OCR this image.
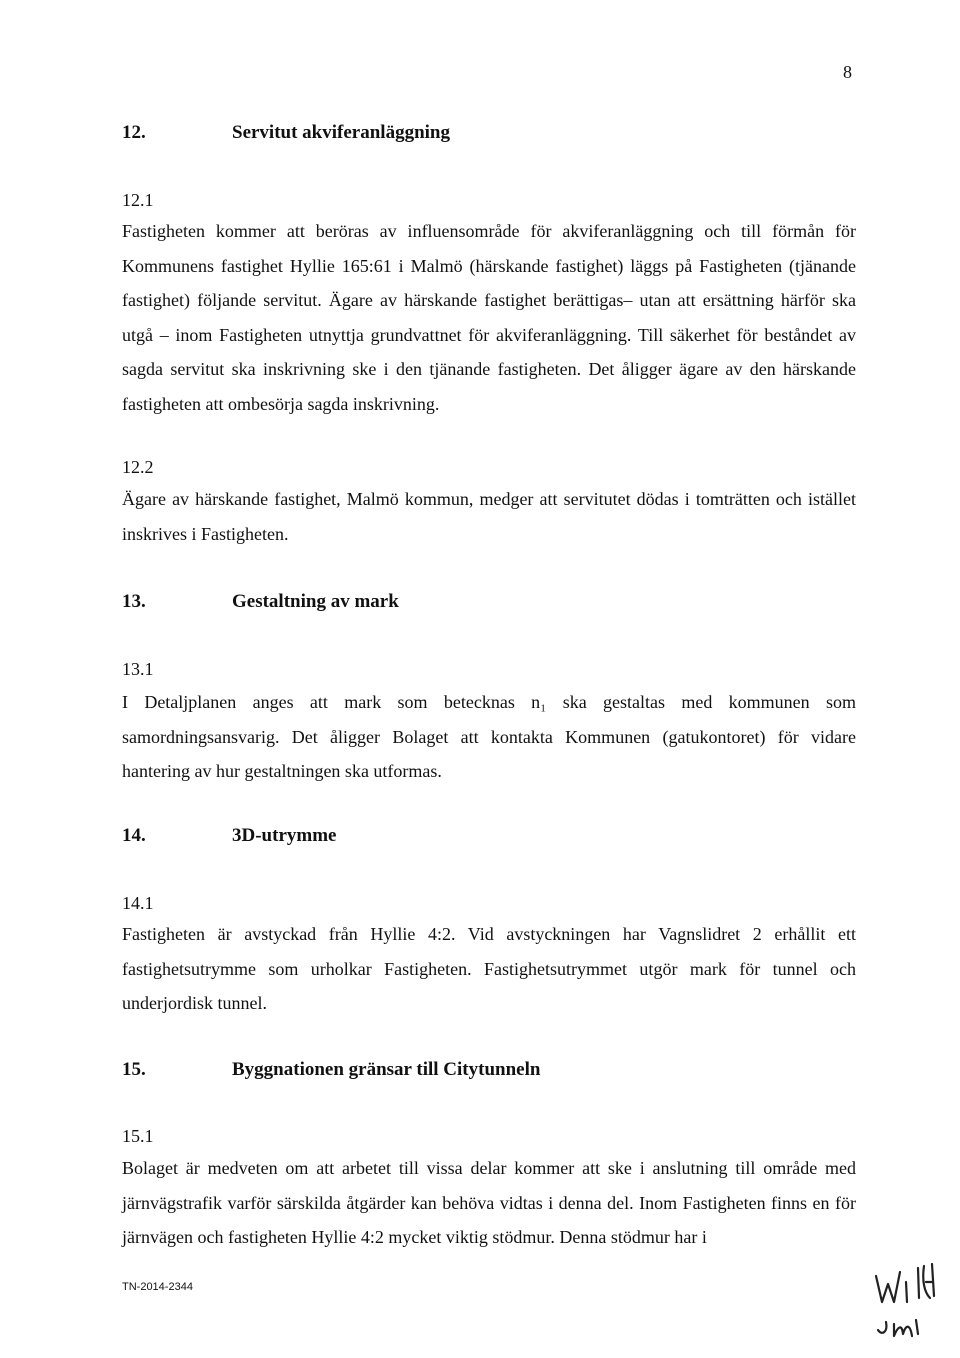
8
12.	Servitut akviferanläggning
12.1
Fastigheten kommer att beröras av influensområde för akviferanläggning och till förmån för Kommunens fastighet Hyllie 165:61 i Malmö (härskande fastighet) läggs på Fastigheten (tjänande fastighet) följande servitut. Ägare av härskande fastighet berättigas– utan att ersättning härför ska utgå – inom Fastigheten utnyttja grundvattnet för akviferanläggning. Till säkerhet för beståndet av sagda servitut ska inskrivning ske i den tjänande fastigheten. Det åligger ägare av den härskande fastigheten att ombesörja sagda inskrivning.
12.2
Ägare av härskande fastighet, Malmö kommun, medger att servitutet dödas i tomträtten och istället inskrives i Fastigheten.
13.	Gestaltning av mark
13.1
I Detaljplanen anges att mark som betecknas n₁ ska gestaltas med kommunen som samordningsansvarig. Det åligger Bolaget att kontakta Kommunen (gatukontoret) för vidare hantering av hur gestaltningen ska utformas.
14.	3D-utrymme
14.1
Fastigheten är avstyckad från Hyllie 4:2. Vid avstyckningen har Vagnslidret 2 erhållit ett fastighetsutrymme som urholkar Fastigheten. Fastighetsutrymmet utgör mark för tunnel och underjordisk tunnel.
15.	Byggnationen gränsar till Citytunneln
15.1
Bolaget är medveten om att arbetet till vissa delar kommer att ske i anslutning till område med järnvägstrafik varför särskilda åtgärder kan behöva vidtas i denna del. Inom Fastigheten finns en för järnvägen och fastigheten Hyllie 4:2 mycket viktig stödmur. Denna stödmur har i
TN-2014-2344
